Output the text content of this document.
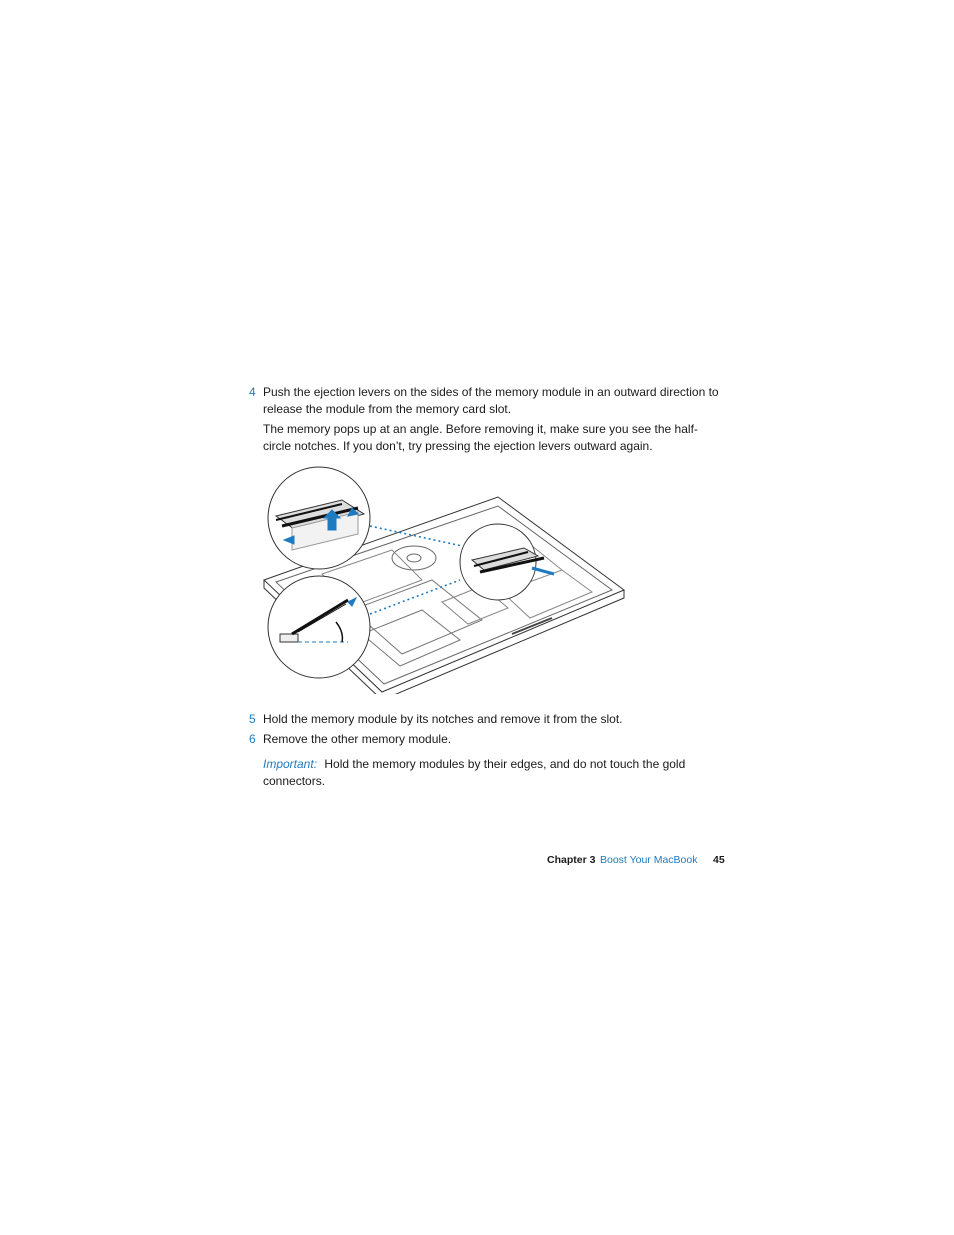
4 Push the ejection levers on the sides of the memory module in an outward direction to release the module from the memory card slot.
The memory pops up at an angle. Before removing it, make sure you see the half-circle notches. If you don’t, try pressing the ejection levers outward again.
5 Hold the memory module by its notches and remove it from the slot.
6 Remove the other memory module.
Important: Hold the memory modules by their edges, and do not touch the gold connectors.
Chapter 3 Boost Your MacBook 45
